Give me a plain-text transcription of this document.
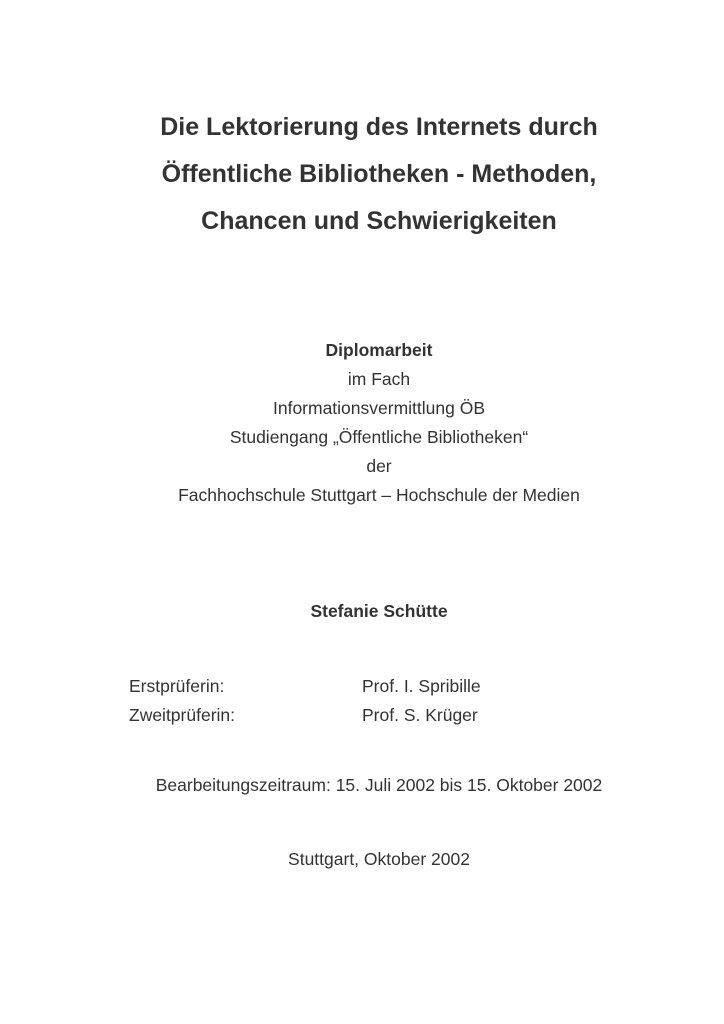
Die Lektorierung des Internets durch
Öffentliche Bibliotheken - Methoden,
Chancen und Schwierigkeiten
Diplomarbeit
im Fach
Informationsvermittlung ÖB
Studiengang „Öffentliche Bibliotheken“
der
Fachhochschule Stuttgart – Hochschule der Medien
Stefanie Schütte
Erstprüferin:	Prof. I. Spribille
Zweitprüferin:	Prof. S. Krüger
Bearbeitungszeitraum: 15. Juli 2002 bis 15. Oktober 2002
Stuttgart, Oktober 2002
